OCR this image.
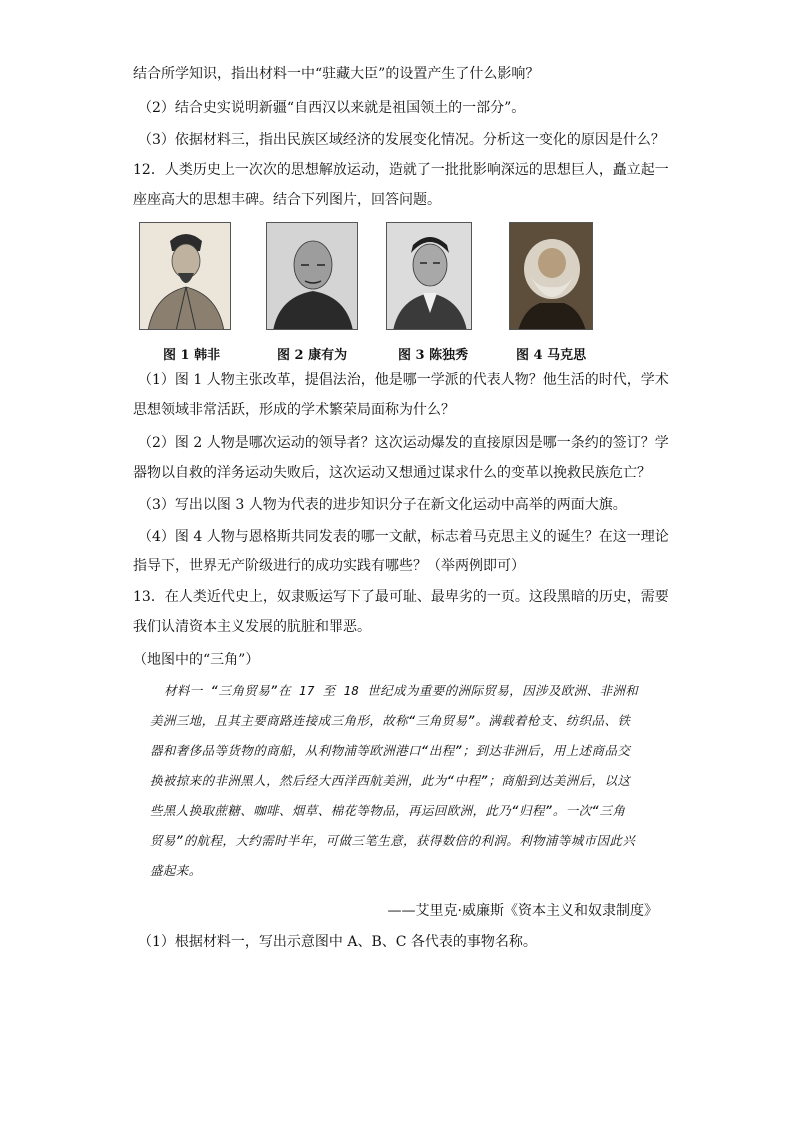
结合所学知识，指出材料一中“驻藏大臣”的设置产生了什么影响？
（2）结合史实说明新疆“自西汉以来就是祖国领土的一部分”。
（3）依据材料三，指出民族区域经济的发展变化情况。分析这一变化的原因是什么？
12．人类历史上一次次的思想解放运动，造就了一批批影响深远的思想巨人，矗立起一
座座高大的思想丰碑。结合下列图片，回答问题。
图 1 韩非	图 2 康有为	图 3 陈独秀	图 4 马克思
（1）图 1 人物主张改革，提倡法治，他是哪一学派的代表人物？他生活的时代，学术
思想领域非常活跃，形成的学术繁荣局面称为什么？
（2）图 2 人物是哪次运动的领导者？这次运动爆发的直接原因是哪一条约的签订？学
器物以自救的洋务运动失败后，这次运动又想通过谋求什么的变革以挽救民族危亡？
（3）写出以图 3 人物为代表的进步知识分子在新文化运动中高举的两面大旗。
（4）图 4 人物与恩格斯共同发表的哪一文献，标志着马克思主义的诞生？在这一理论
指导下，世界无产阶级进行的成功实践有哪些？（举两例即可）
13．在人类近代史上，奴隶贩运写下了最可耻、最卑劣的一页。这段黑暗的历史，需要
我们认清资本主义发展的肮脏和罪恶。
（地图中的“三角”）
材料一 “三角贸易”在 17 至 18 世纪成为重要的洲际贸易，因涉及欧洲、非洲和
美洲三地，且其主要商路连接成三角形，故称“三角贸易”。满载着枪支、纺织品、铁
器和奢侈品等货物的商船，从利物浦等欧洲港口“出程”；到达非洲后，用上述商品交
换被掠来的非洲黑人，然后经大西洋西航美洲，此为“中程”；商船到达美洲后，以这
些黑人换取蔗糖、咖啡、烟草、棉花等物品，再运回欧洲，此乃“归程”。一次“三角
贸易”的航程，大约需时半年，可做三笔生意，获得数倍的利润。利物浦等城市因此兴
盛起来。
——艾里克·威廉斯《资本主义和奴隶制度》
（1）根据材料一，写出示意图中 A、B、C 各代表的事物名称。
